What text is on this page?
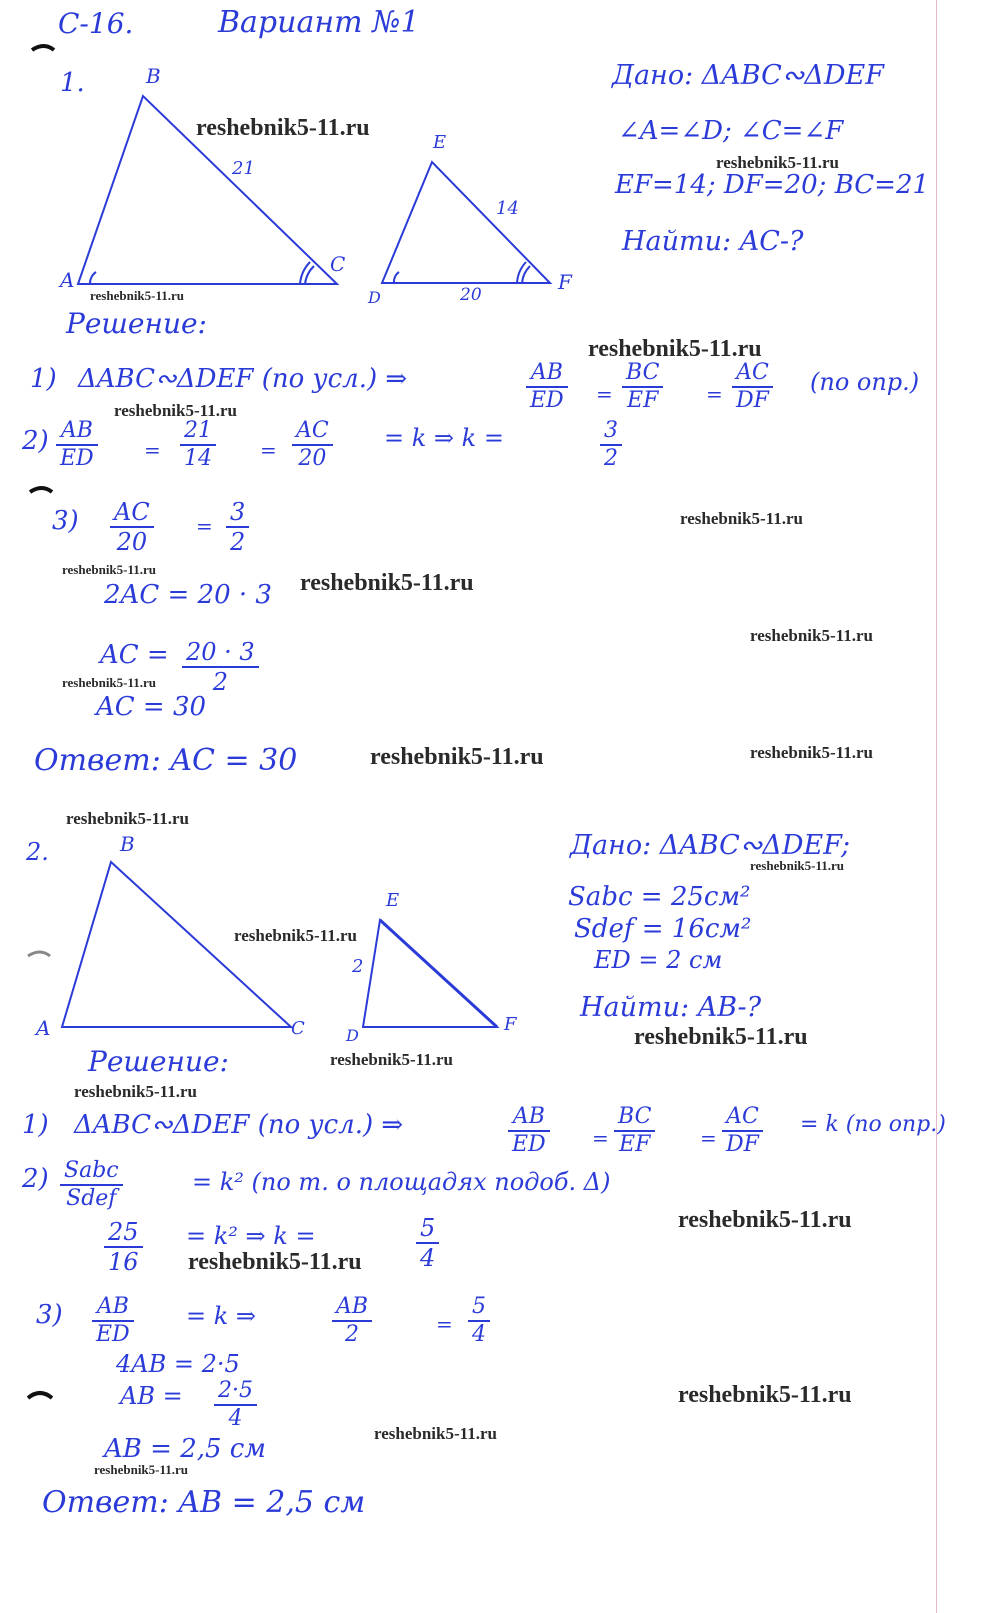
С-16.	Вариант №1
1.
A
B
C
21
D
E
F
14
20
Дано: ΔABC∾ΔDEF
∠A=∠D; ∠C=∠F
EF=14; DF=20; BC=21
Найти: AC-?
Решение:
1) ΔABC∾ΔDEF (по усл.) ⇒	AB
ED =
BC
EF =
AC
DF
(по опр.)
2) AB
ED	=
21
14 =
AC
20
= k ⇒ k =	3
2
3) AC
20
= 3
2
2AC = 20 · 3
AC = 20 · 3
2
AC = 30
Ответ: AC = 30
2.
A
B
C	D
E
F
2
Дано: ΔABC∾ΔDEF;
Sabc = 25см²
Sdef = 16см²
ED = 2 см
Найти: AB-?
Решение:
1) ΔABC∾ΔDEF (по усл.) ⇒	AB
ED =
BC
EF =
AC
DF
= k (по опр.)
2) Sabc
Sdef
= k² (по т. о площадях подоб. Δ)
25
16
= k² ⇒ k =	5
4
3) AB
ED
= k ⇒	AB
2	=
5
4
4AB = 2·5
AB = 2·5
4
AB = 2,5 см
Ответ: AB = 2,5 см
reshebnik5-11.ru
reshebnik5-11.ru
reshebnik5-11.ru
reshebnik5-11.ru
reshebnik5-11.ru
reshebnik5-11.ru
reshebnik5-11.ru
reshebnik5-11.ru
reshebnik5-11.ru
reshebnik5-11.ru
reshebnik5-11.ru	reshebnik5-11.ru
reshebnik5-11.ru
reshebnik5-11.ru
reshebnik5-11.ru
reshebnik5-11.ru
reshebnik5-11.ru
reshebnik5-11.ru
reshebnik5-11.ru
reshebnik5-11.ru
reshebnik5-11.ru
reshebnik5-11.ru
reshebnik5-11.ru
